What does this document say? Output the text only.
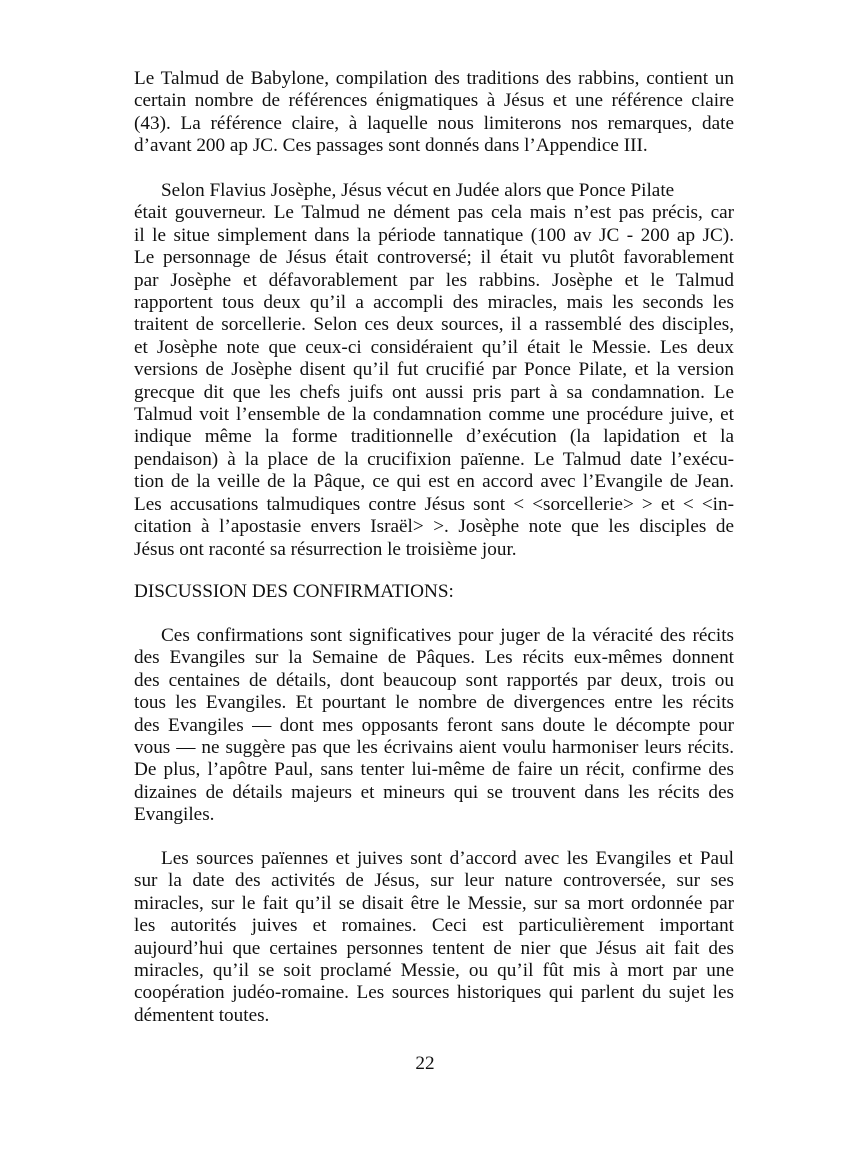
Le Talmud de Babylone, compilation des traditions des rabbins, contient un
certain nombre de références énigmatiques à Jésus et une référence claire
(43). La référence claire, à laquelle nous limiterons nos remarques, date
d’avant 200 ap JC. Ces passages sont donnés dans l’Appendice III.
Selon Flavius Josèphe, Jésus vécut en Judée alors que Ponce Pilate
était gouverneur. Le Talmud ne dément pas cela mais n’est pas précis, car
il le situe simplement dans la période tannatique (100 av JC - 200 ap JC).
Le personnage de Jésus était controversé; il était vu plutôt favorablement
par Josèphe et défavorablement par les rabbins. Josèphe et le Talmud
rapportent tous deux qu’il a accompli des miracles, mais les seconds les
traitent de sorcellerie. Selon ces deux sources, il a rassemblé des disciples,
et Josèphe note que ceux-ci considéraient qu’il était le Messie. Les deux
versions de Josèphe disent qu’il fut crucifié par Ponce Pilate, et la version
grecque dit que les chefs juifs ont aussi pris part à sa condamnation. Le
Talmud voit l’ensemble de la condamnation comme une procédure juive, et
indique même la forme traditionnelle d’exécution (la lapidation et la
pendaison) à la place de la crucifixion païenne. Le Talmud date l’exécu-
tion de la veille de la Pâque, ce qui est en accord avec l’Evangile de Jean.
Les accusations talmudiques contre Jésus sont < <sorcellerie> > et < <in-
citation à l’apostasie envers Israël> >. Josèphe note que les disciples de
Jésus ont raconté sa résurrection le troisième jour.
DISCUSSION DES CONFIRMATIONS:
Ces confirmations sont significatives pour juger de la véracité des récits
des Evangiles sur la Semaine de Pâques. Les récits eux-mêmes donnent
des centaines de détails, dont beaucoup sont rapportés par deux, trois ou
tous les Evangiles. Et pourtant le nombre de divergences entre les récits
des Evangiles — dont mes opposants feront sans doute le décompte pour
vous — ne suggère pas que les écrivains aient voulu harmoniser leurs récits.
De plus, l’apôtre Paul, sans tenter lui-même de faire un récit, confirme des
dizaines de détails majeurs et mineurs qui se trouvent dans les récits des
Evangiles.
Les sources païennes et juives sont d’accord avec les Evangiles et Paul
sur la date des activités de Jésus, sur leur nature controversée, sur ses
miracles, sur le fait qu’il se disait être le Messie, sur sa mort ordonnée par
les autorités juives et romaines. Ceci est particulièrement important
aujourd’hui que certaines personnes tentent de nier que Jésus ait fait des
miracles, qu’il se soit proclamé Messie, ou qu’il fût mis à mort par une
coopération judéo-romaine. Les sources historiques qui parlent du sujet les
démentent toutes.
22
